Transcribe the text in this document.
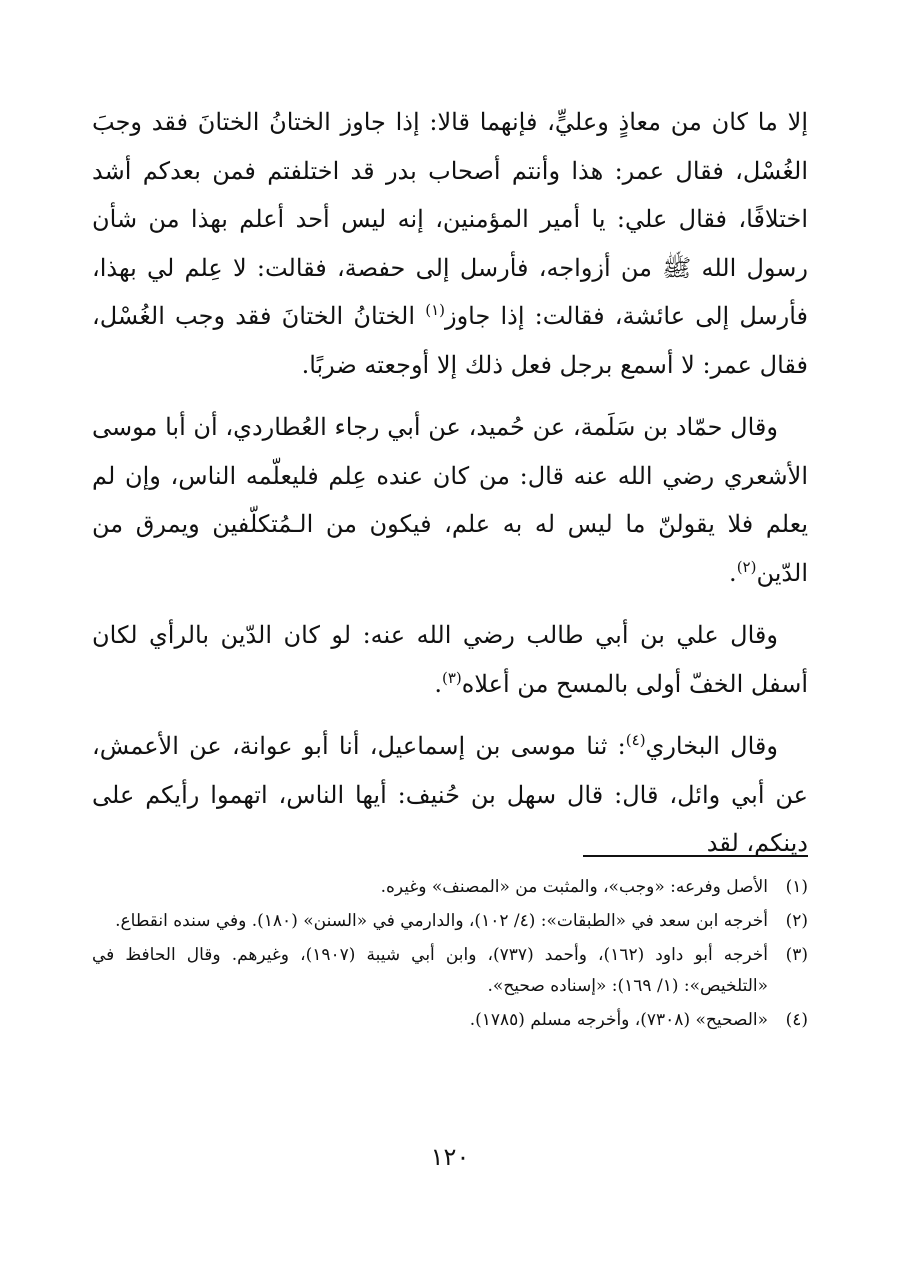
إلا ما كان من معاذٍ وعليٍّ، فإنهما قالا: إذا جاوز الختانُ الختانَ فقد وجبَ الغُسْل، فقال عمر: هذا وأنتم أصحاب بدر قد اختلفتم فمن بعدكم أشد اختلافًا، فقال علي: يا أمير المؤمنين، إنه ليس أحد أعلم بهذا من شأن رسول الله ﷺ من أزواجه، فأرسل إلى حفصة، فقالت: لا عِلم لي بهذا، فأرسل إلى عائشة، فقالت: إذا جاوز$^{(١)}$ الختانُ الختانَ فقد وجب الغُسْل، فقال عمر: لا أسمع برجل فعل ذلك إلا أوجعته ضربًا.

وقال حمّاد بن سَلَمة، عن حُميد، عن أبي رجاء العُطاردي، أن أبا موسى الأشعري رضي الله عنه قال: من كان عنده عِلم فليعلّمه الناس، وإن لم يعلم فلا يقولنّ ما ليس له به علم، فيكون من الـمُتكلّفين ويمرق من الدّين$^{(٢)}$.

وقال علي بن أبي طالب رضي الله عنه: لو كان الدّين بالرأي لكان أسفل الخفّ أولى بالمسح من أعلاه$^{(٣)}$.

وقال البخاري$^{(٤)}$: ثنا موسى بن إسماعيل، أنا أبو عوانة، عن الأعمش، عن أبي وائل، قال: قال سهل بن حُنيف: أيها الناس، اتهموا رأيكم على دينكم، لقد

(١)
الأصل وفرعه: «وجب»، والمثبت من «المصنف» وغيره.
(٢)
أخرجه ابن سعد في «الطبقات»: (٤/ ١٠٢)، والدارمي في «السنن» (١٨٠). وفي سنده انقطاع.
(٣)
أخرجه أبو داود (١٦٢)، وأحمد (٧٣٧)، وابن أبي شيبة (١٩٠٧)، وغيرهم. وقال الحافظ في «التلخيص»: (١/ ١٦٩): «إسناده صحيح».
(٤)
«الصحيح» (٧٣٠٨)، وأخرجه مسلم (١٧٨٥).
١٢٠
